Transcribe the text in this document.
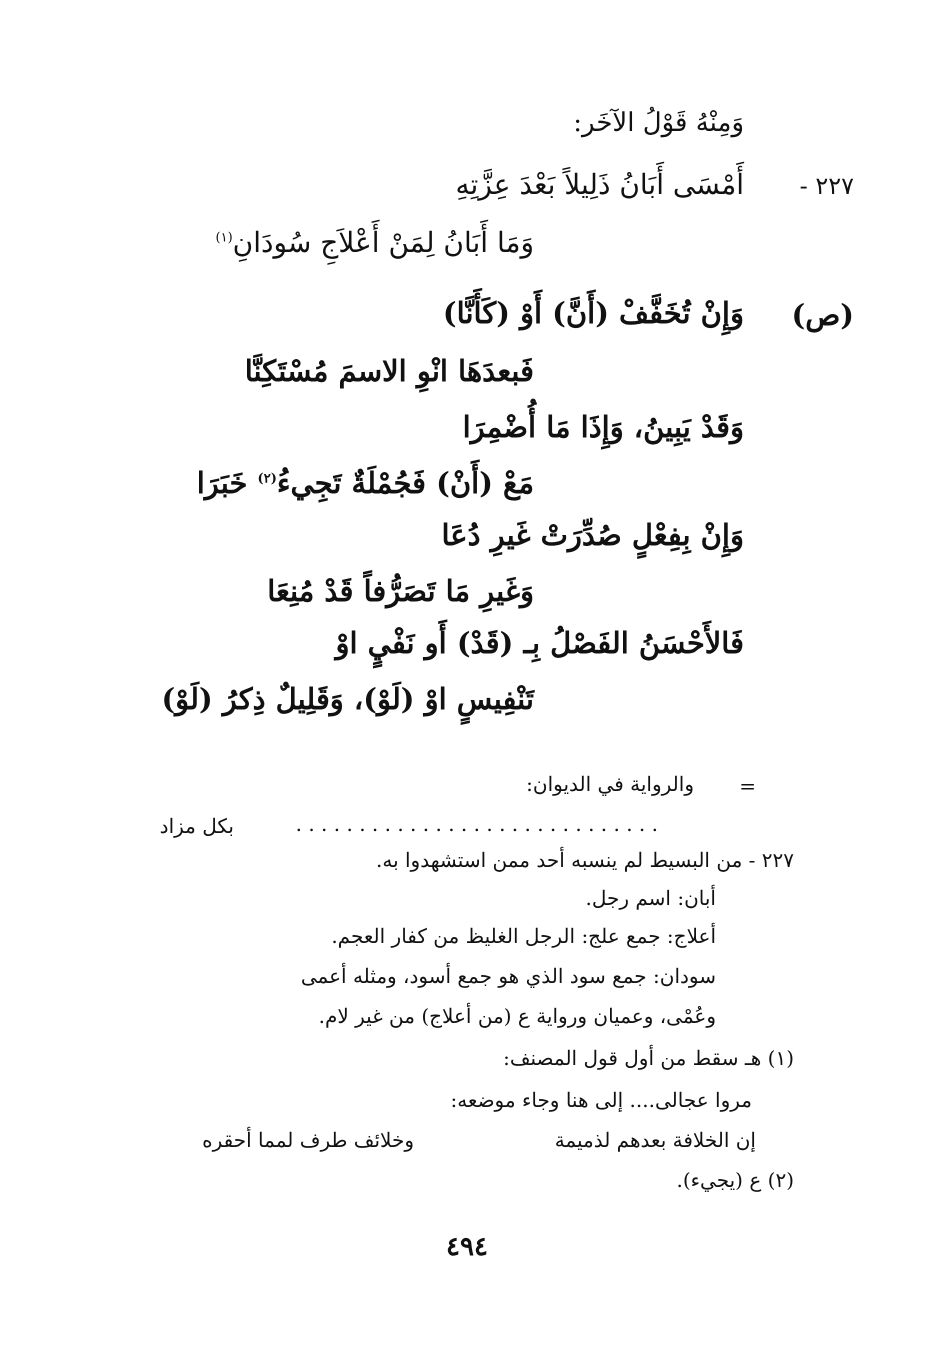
وَمِنْهُ قَوْلُ الآخَر:
٢٢٧ -
أَمْسَى أَبَانُ ذَلِيلاً بَعْدَ عِزَّتِهِ
وَمَا أَبَانُ لِمَنْ أَعْلاَجِ سُودَانِ$^{(١)}$
(ص)
وَإِنْ تُخَفَّفْ (أَنَّ) أَوْ (كَأَنَّا)
فَبعدَهَا انْوِ الاسمَ مُسْتَكِنَّا
وَقَدْ يَبِينُ، وَإِذَا مَا أُضْمِرَا
مَعْ (أَنْ) فَجُمْلَةٌ تَجِيءُ$^{(٢)}$ خَبَرَا
وَإِنْ بِفِعْلٍ صُدِّرَتْ غَيرِ دُعَا
وَغَيرِ مَا تَصَرُّفاً قَدْ مُنِعَا
فَالأَحْسَنُ الفَصْلُ بِـ (قَدْ) أَو نَفْيٍ اوْ
تَنْفِيسٍ اوْ (لَوْ)، وَقَلِيلٌ ذِكرُ (لَوْ)
=
والرواية في الديوان:
. . . . . . . . . . . . . . . . . . . . . . . . . . . . .
بكل مزاد
٢٢٧ - من البسيط لم ينسبه أحد ممن استشهدوا به.
أبان: اسم رجل.
أعلاج: جمع علج: الرجل الغليظ من كفار العجم.
سودان: جمع سود الذي هو جمع أسود، ومثله أعمى
وعُمْى، وعميان ورواية ع (من أعلاج) من غير لام.
(١) هـ سقط من أول قول المصنف:
مروا عجالى.... إلى هنا وجاء موضعه:
إن الخلافة بعدهم لذميمة
وخلائف طرف لمما أحقره
(٢) ع (يجيء).
٤٩٤
